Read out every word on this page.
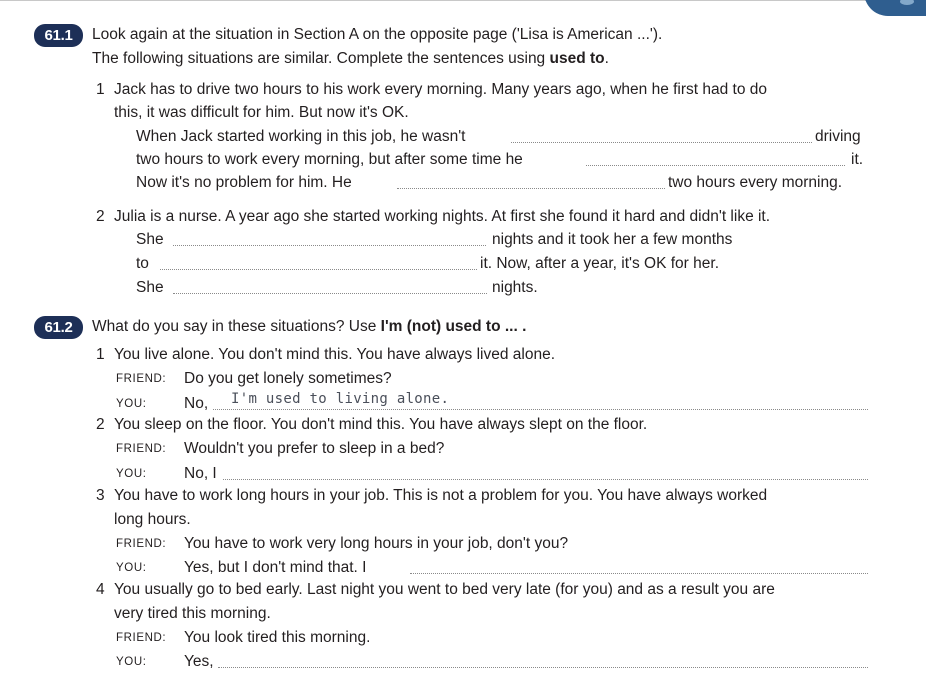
61.1	Look again at the situation in Section A on the opposite page ('Lisa is American ...').
The following situations are similar. Complete the sentences using used to.
1 Jack has to drive two hours to his work every morning. Many years ago, when he first had to do
this, it was difficult for him. But now it's OK.
When Jack started working in this job, he wasn't	driving
two hours to work every morning, but after some time he	it.
Now it's no problem for him. He	two hours every morning.
2 Julia is a nurse. A year ago she started working nights. At first she found it hard and didn't like it.
She	nights and it took her a few months
to	it. Now, after a year, it's OK for her.
She	nights.
61.2	What do you say in these situations? Use I'm (not) used to ... .
1 You live alone. You don't mind this. You have always lived alone.
FRIEND: Do you get lonely sometimes?
YOU: No, I'm used to living alone.
2 You sleep on the floor. You don't mind this. You have always slept on the floor.
FRIEND: Wouldn't you prefer to sleep in a bed?
YOU: No, I
3 You have to work long hours in your job. This is not a problem for you. You have always worked
long hours.
FRIEND: You have to work very long hours in your job, don't you?
YOU: Yes, but I don't mind that. I
4 You usually go to bed early. Last night you went to bed very late (for you) and as a result you are
very tired this morning.
FRIEND: You look tired this morning.
YOU: Yes,
